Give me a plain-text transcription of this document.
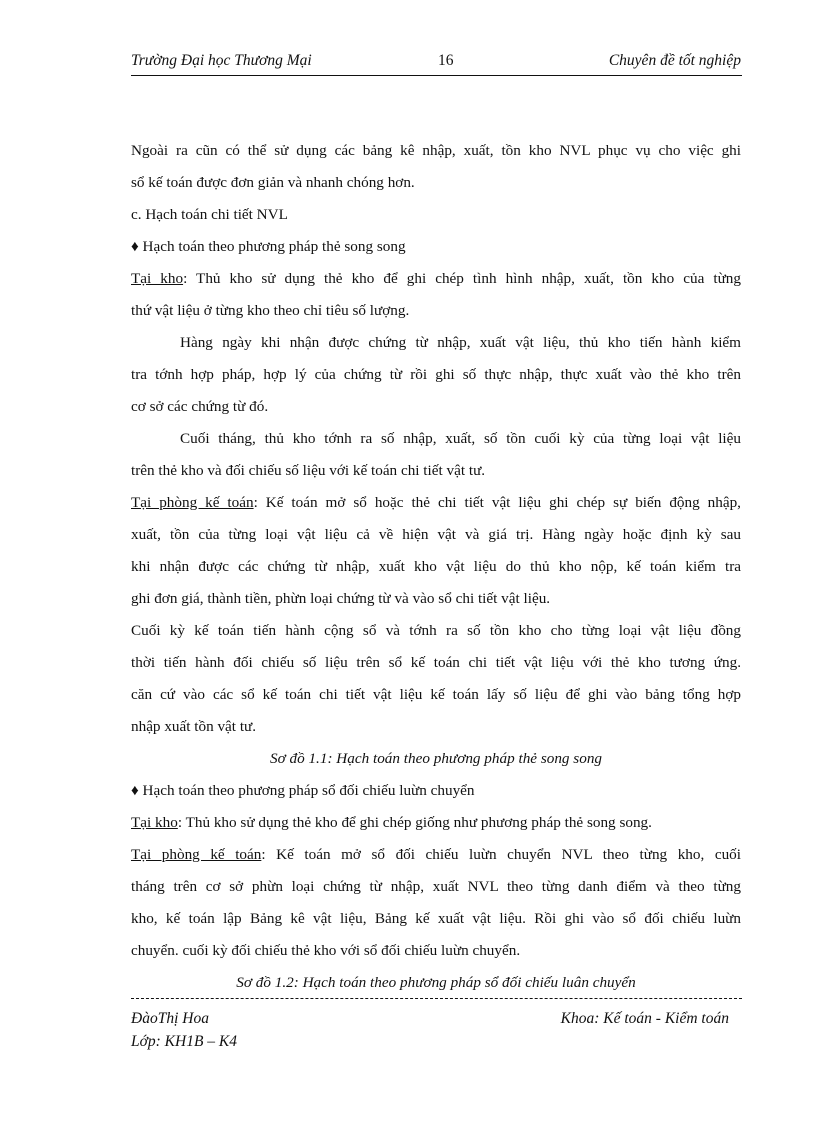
Trường Đại học Thương Mại	16	Chuyên đề tốt nghiệp
Ngoài ra cũn có thể sử dụng các bảng kê nhập, xuất, tồn kho NVL phục vụ cho việc ghi
sổ kế toán được đơn giản và nhanh chóng hơn.
c. Hạch toán chi tiết NVL
♦ Hạch toán theo phương pháp thẻ song song
Tại kho: Thủ kho sử dụng thẻ kho để ghi chép tình hình nhập, xuất, tồn kho của từng
thứ vật liệu ở từng kho theo chỉ tiêu số lượng.
Hàng ngày khi nhận được chứng từ nhập, xuất vật liệu, thủ kho tiến hành kiểm
tra tớnh hợp pháp, hợp lý của chứng từ rồi ghi số thực nhập, thực xuất vào thẻ kho trên
cơ sở các chứng từ đó.
Cuối tháng, thủ kho tớnh ra số nhập, xuất, số tồn cuối kỳ của từng loại vật liệu
trên thẻ kho và đối chiếu số liệu với kế toán chi tiết vật tư.
Tại phòng kế toán: Kế toán mở sổ hoặc thẻ chi tiết vật liệu ghi chép sự biến động nhập,
xuất, tồn của từng loại vật liệu cả về hiện vật và giá trị. Hàng ngày hoặc định kỳ sau
khi nhận được các chứng từ nhập, xuất kho vật liệu do thủ kho nộp, kế toán kiểm tra
ghi đơn giá, thành tiền, phừn loại chứng từ và vào sổ chi tiết vật liệu.
Cuối kỳ kế toán tiến hành cộng sổ và tớnh ra số tồn kho cho từng loại vật liệu đồng
thời tiến hành đối chiếu số liệu trên sổ kế toán chi tiết vật liệu với thẻ kho tương ứng.
căn cứ vào các sổ kế toán chi tiết vật liệu kế toán lấy số liệu để ghi vào bảng tổng hợp
nhập xuất tồn vật tư.
Sơ đồ 1.1: Hạch toán theo phương pháp thẻ song song
♦ Hạch toán theo phương pháp sổ đối chiếu luừn chuyển
Tại kho: Thủ kho sử dụng thẻ kho để ghi chép giống như phương pháp thẻ song song.
Tại phòng kế toán: Kế toán mở sổ đối chiếu luừn chuyển NVL theo từng kho, cuối
tháng trên cơ sở phừn loại chứng từ nhập, xuất NVL theo từng danh điểm và theo từng
kho, kế toán lập Bảng kê vật liệu, Bảng kế xuất vật liệu. Rồi ghi vào sổ đối chiếu luừn
chuyển. cuối kỳ đối chiếu thẻ kho với sổ đối chiếu luừn chuyển.
Sơ đồ 1.2: Hạch toán theo phương pháp sổ đối chiếu luân chuyển
ĐàoThị Hoa	Khoa: Kế toán - Kiểm toán
Lớp: KH1B – K4
